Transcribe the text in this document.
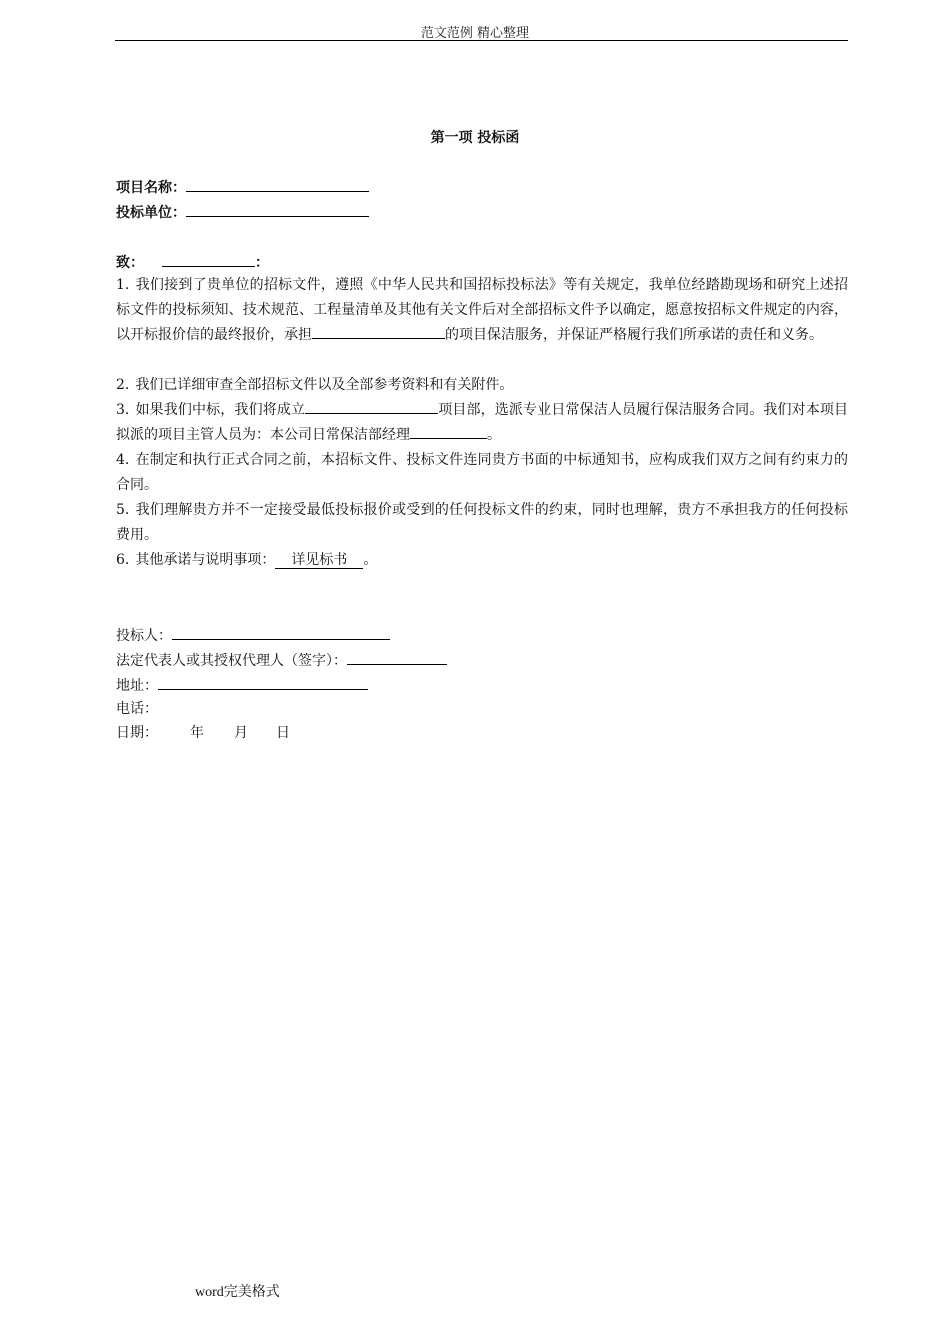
范文范例 精心整理
第一项 投标函
项目名称：
投标单位：
致：	：
1. 我们接到了贵单位的招标文件，遵照《中华人民共和国招标投标法》等有关规定，我单位经踏勘现场和研究上述招标文件的投标须知、技术规范、工程量清单及其他有关文件后对全部招标文件予以确定，愿意按招标文件规定的内容，以开标报价信的最终报价，承担	的项目保洁服务，并保证严格履行我们所承诺的责任和义务。
2. 我们已详细审查全部招标文件以及全部参考资料和有关附件。
3. 如果我们中标，我们将成立	项目部，选派专业日常保洁人员履行保洁服务合同。我们对本项目拟派的项目主管人员为：本公司日常保洁部经理	。
4. 在制定和执行正式合同之前，本招标文件、投标文件连同贵方书面的中标通知书，应构成我们双方之间有约束力的合同。
5. 我们理解贵方并不一定接受最低投标报价或受到的任何投标文件的约束，同时也理解，贵方不承担我方的任何投标费用。
6. 其他承诺与说明事项： 详见标书 。
投标人：
法定代表人或其授权代理人（签字）：
地址：
电话：
日期： 年 月 日
word完美格式
